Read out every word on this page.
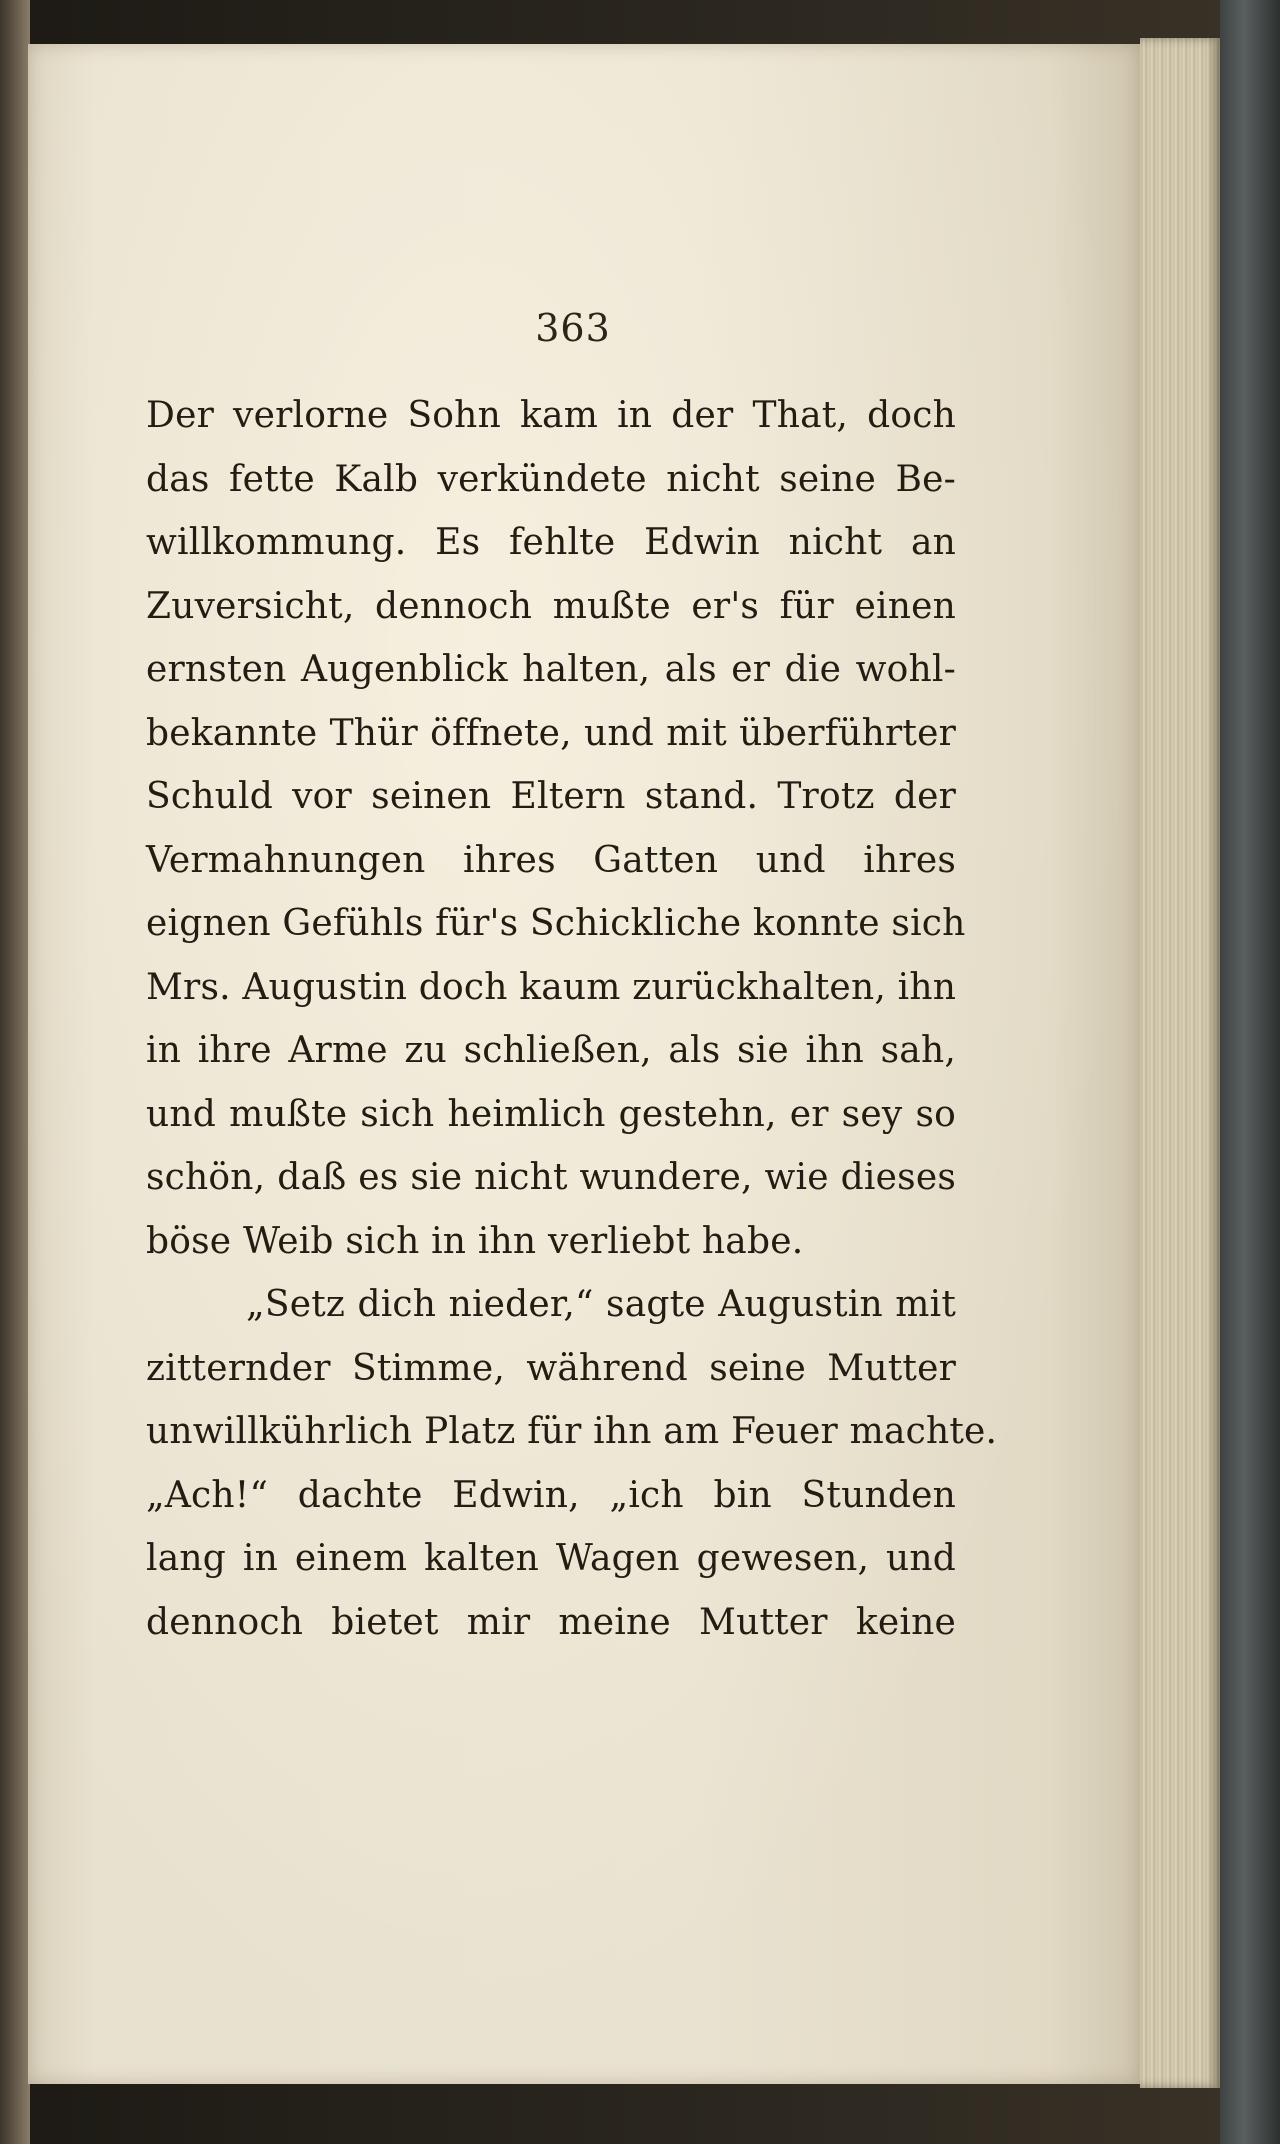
363
Der verlorne Sohn kam in der That, doch
das fette Kalb verkündete nicht seine Be-
willkommung. Es fehlte Edwin nicht an
Zuversicht, dennoch mußte er's für einen
ernsten Augenblick halten, als er die wohl-
bekannte Thür öffnete, und mit überführter
Schuld vor seinen Eltern stand. Trotz der
Vermahnungen ihres Gatten und ihres
eignen Gefühls für's Schickliche konnte sich
Mrs. Augustin doch kaum zurückhalten, ihn
in ihre Arme zu schließen, als sie ihn sah,
und mußte sich heimlich gestehn, er sey so
schön, daß es sie nicht wundere, wie dieses
böse Weib sich in ihn verliebt habe.
„Setz dich nieder,“ sagte Augustin mit
zitternder Stimme, während seine Mutter
unwillkührlich Platz für ihn am Feuer machte.
„Ach!“ dachte Edwin, „ich bin Stunden
lang in einem kalten Wagen gewesen, und
dennoch bietet mir meine Mutter keine
